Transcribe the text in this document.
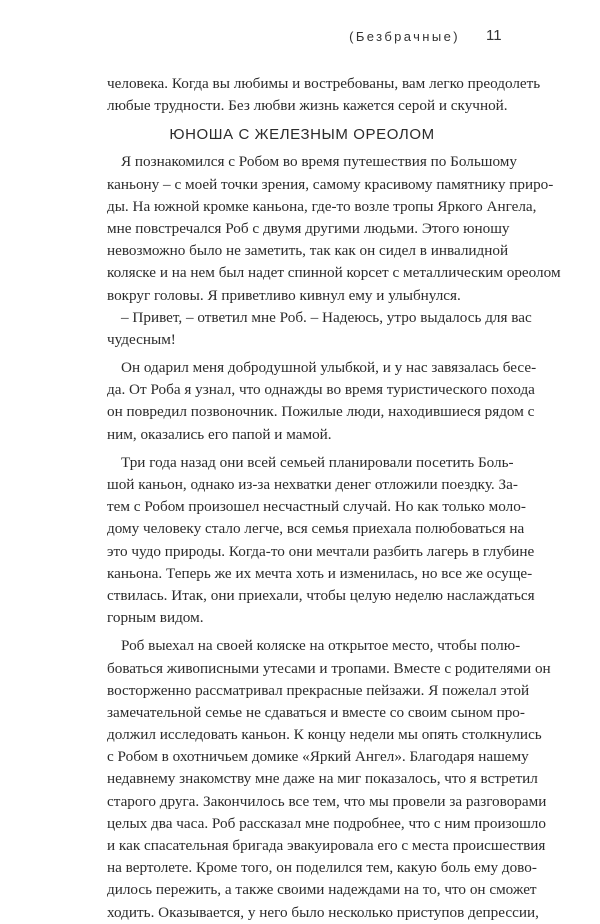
(Безбрачные) 11
человека. Когда вы любимы и востребованы, вам легко преодолеть
любые трудности. Без любви жизнь кажется серой и скучной.
ЮНОША С ЖЕЛЕЗНЫМ ОРЕОЛОМ
Я познакомился с Робом во время путешествия по Большому
каньону – с моей точки зрения, самому красивому памятнику приро-
ды. На южной кромке каньона, где-то возле тропы Яркого Ангела,
мне повстречался Роб с двумя другими людьми. Этого юношу
невозможно было не заметить, так как он сидел в инвалидной
коляске и на нем был надет спинной корсет с металлическим ореолом
вокруг головы. Я приветливо кивнул ему и улыбнулся.
– Привет, – ответил мне Роб. – Надеюсь, утро выдалось для вас
чудесным!
Он одарил меня добродушной улыбкой, и у нас завязалась бесе-
да. От Роба я узнал, что однажды во время туристического похода
он повредил позвоночник. Пожилые люди, находившиеся рядом с
ним, оказались его папой и мамой.
Три года назад они всей семьей планировали посетить Боль-
шой каньон, однако из-за нехватки денег отложили поездку. За-
тем с Робом произошел несчастный случай. Но как только моло-
дому человеку стало легче, вся семья приехала полюбоваться на
это чудо природы. Когда-то они мечтали разбить лагерь в глубине
каньона. Теперь же их мечта хоть и изменилась, но все же осуще-
ствилась. Итак, они приехали, чтобы целую неделю наслаждаться
горным видом.
Роб выехал на своей коляске на открытое место, чтобы полю-
боваться живописными утесами и тропами. Вместе с родителями он
восторженно рассматривал прекрасные пейзажи. Я пожелал этой
замечательной семье не сдаваться и вместе со своим сыном про-
должил исследовать каньон. К концу недели мы опять столкнулись
с Робом в охотничьем домике «Яркий Ангел». Благодаря нашему
недавнему знакомству мне даже на миг показалось, что я встретил
старого друга. Закончилось все тем, что мы провели за разговорами
целых два часа. Роб рассказал мне подробнее, что с ним произошло
и как спасательная бригада эвакуировала его с места происшествия
на вертолете. Кроме того, он поделился тем, какую боль ему дово-
дилось пережить, а также своими надеждами на то, что он сможет
ходить. Оказывается, у него было несколько приступов депрессии,
